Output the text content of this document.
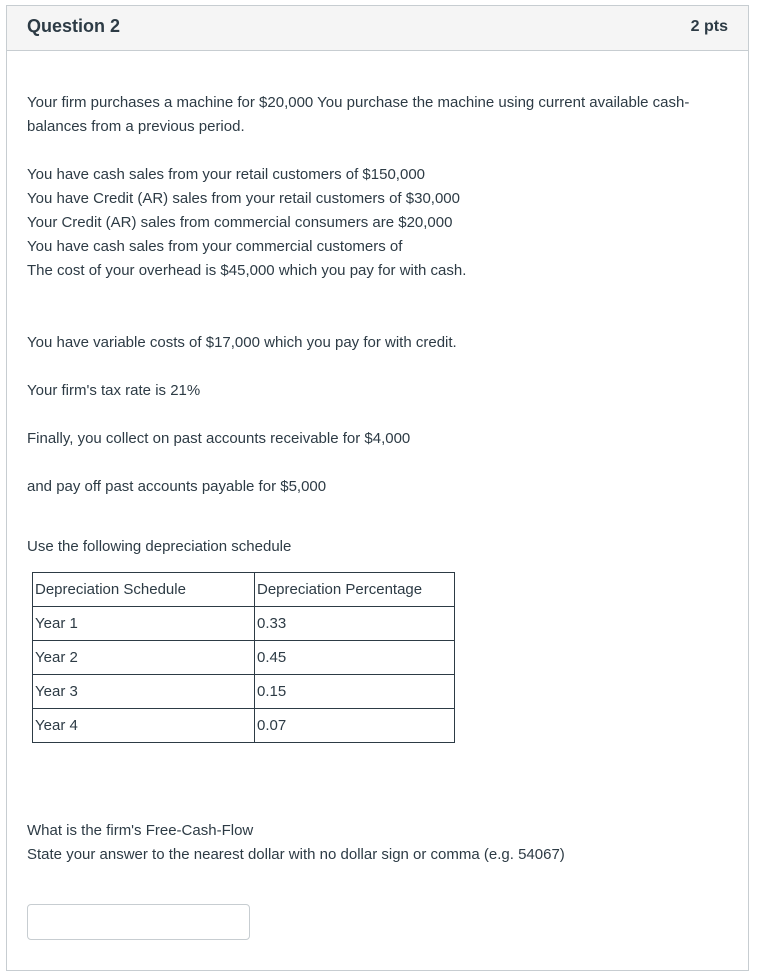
Question 2	2 pts

Your firm purchases a machine for $20,000 You purchase the machine using current available cash-
balances from a previous period.

You have cash sales from your retail customers of $150,000
You have Credit (AR) sales from your retail customers of $30,000
Your Credit (AR) sales from commercial consumers are $20,000
You have cash sales from your commercial customers of
The cost of your overhead is $45,000 which you pay for with cash.

You have variable costs of $17,000 which you pay for with credit.

Your firm's tax rate is 21%

Finally, you collect on past accounts receivable for $4,000

and pay off past accounts payable for $5,000

Use the following depreciation schedule

Depreciation Schedule	Depreciation Percentage
Year 1	0.33
Year 2	0.45
Year 3	0.15
Year 4	0.07

What is the firm's Free-Cash-Flow
State your answer to the nearest dollar with no dollar sign or comma (e.g. 54067)
